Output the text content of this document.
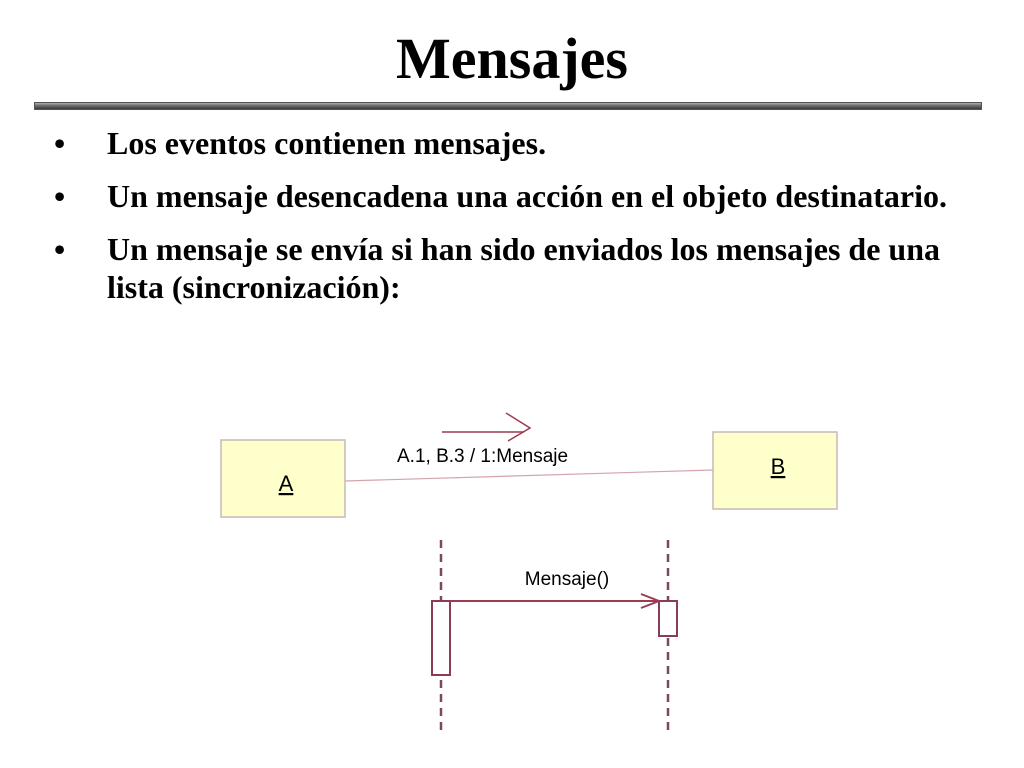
Mensajes
• Los eventos contienen mensajes.
• Un mensaje desencadena una acción en el objeto destinatario.
• Un mensaje se envía si han sido enviados los mensajes de una lista (sincronización):
A
B
A.1, B.3 / 1:Mensaje
Mensaje()
